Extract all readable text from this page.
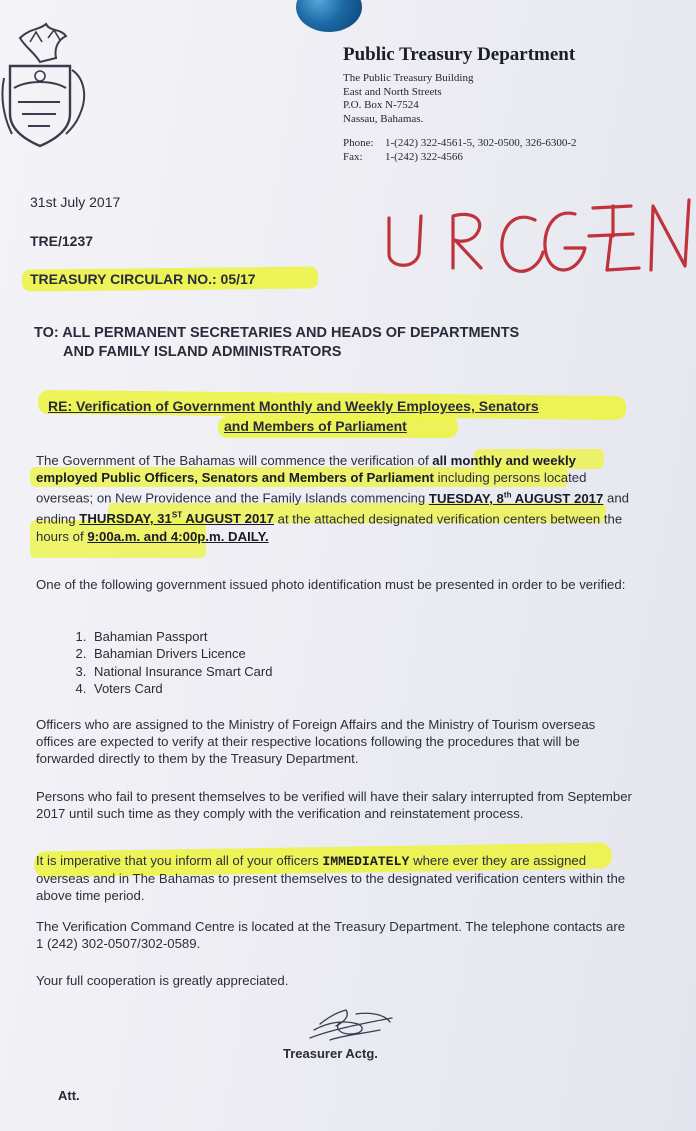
Public Treasury Department
The Public Treasury Building
East and North Streets
P.O. Box N-7524
Nassau, Bahamas.
Phone: 1-(242) 322-4561-5, 302-0500, 326-6300-2
Fax: 1-(242) 322-4566
31st July 2017
TRE/1237
TREASURY CIRCULAR NO.: 05/17
TO: ALL PERMANENT SECRETARIES AND HEADS OF DEPARTMENTS
AND FAMILY ISLAND ADMINISTRATORS
RE: Verification of Government Monthly and Weekly Employees, Senators
and Members of Parliament
The Government of The Bahamas will commence the verification of all monthly and weekly employed Public Officers, Senators and Members of Parliament including persons located overseas; on New Providence and the Family Islands commencing TUESDAY, 8th AUGUST 2017 and ending THURSDAY, 31ST AUGUST 2017 at the attached designated verification centers between the hours of 9:00a.m. and 4:00p.m. DAILY.
One of the following government issued photo identification must be presented in order to be verified:
1. Bahamian Passport
2. Bahamian Drivers Licence
3. National Insurance Smart Card
4. Voters Card
Officers who are assigned to the Ministry of Foreign Affairs and the Ministry of Tourism overseas offices are expected to verify at their respective locations following the procedures that will be forwarded directly to them by the Treasury Department.
Persons who fail to present themselves to be verified will have their salary interrupted from September 2017 until such time as they comply with the verification and reinstatement process.
It is imperative that you inform all of your officers IMMEDIATELY where ever they are assigned overseas and in The Bahamas to present themselves to the designated verification centers within the above time period.
The Verification Command Centre is located at the Treasury Department. The telephone contacts are 1 (242) 302-0507/302-0589.
Your full cooperation is greatly appreciated.
Treasurer Actg.
Att.
